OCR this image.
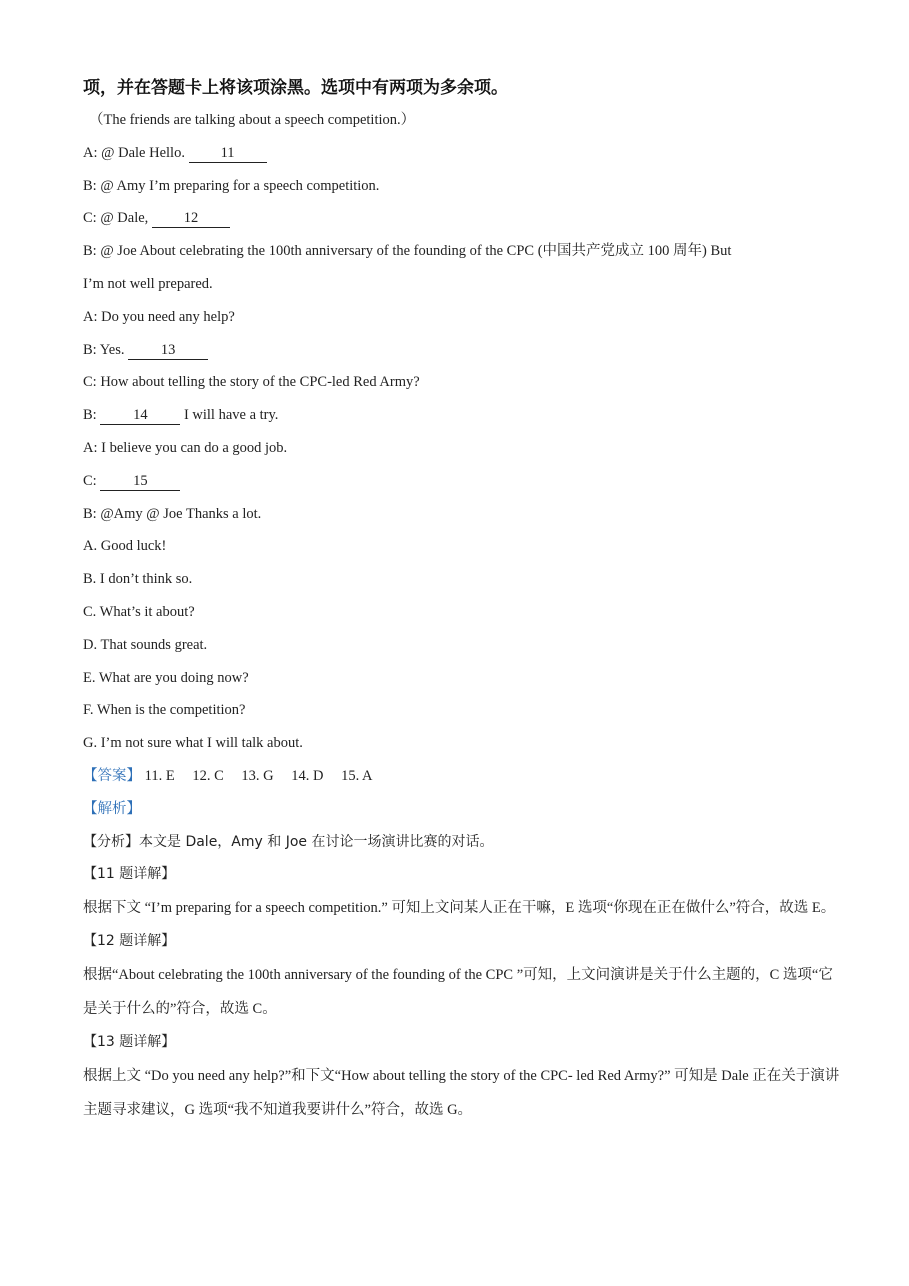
项，并在答题卡上将该项涂黑。选项中有两项为多余项。
（The friends are talking about a speech competition.）
A: @ Dale Hello. 11
B: @ Amy I’m preparing for a speech competition.
C: @ Dale, 12
B: @ Joe About celebrating the 100th anniversary of the founding of the CPC (中国共产党成立 100 周年) But
I’m not well prepared.
A: Do you need any help?
B: Yes. 13
C: How about telling the story of the CPC-led Red Army?
B: 14 I will have a try.
A: I believe you can do a good job.
C: 15
B: @Amy @ Joe Thanks a lot.
A. Good luck!
B. I don’t think so.
C. What’s it about?
D. That sounds great.
E. What are you doing now?
F. When is the competition?
G. I’m not sure what I will talk about.
【答案】 11. E 12. C 13. G 14. D 15. A
【解析】
【分析】本文是 Dale，Amy 和 Joe 在讨论一场演讲比赛的对话。
【11 题详解】
根据下文 “I’m preparing for a speech competition.” 可知上文问某人正在干嘛，E 选项“你现在正在做什么”符合，故选 E。
【12 题详解】
根据“About celebrating the 100th anniversary of the founding of the CPC ”可知，上文问演讲是关于什么主题的，C 选项“它是关于什么的”符合，故选 C。
【13 题详解】
根据上文 “Do you need any help?”和下文“How about telling the story of the CPC- led Red Army?” 可知是 Dale 正在关于演讲主题寻求建议，G 选项“我不知道我要讲什么”符合，故选 G。
